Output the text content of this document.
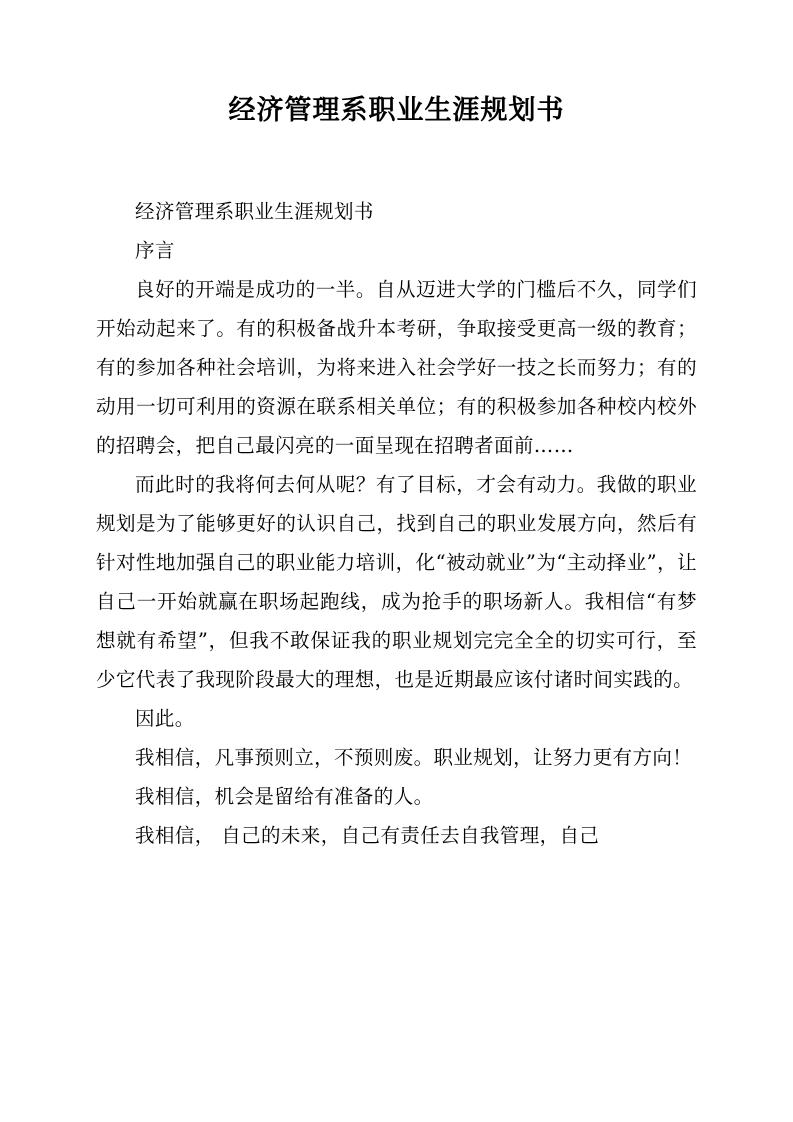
经济管理系职业生涯规划书

经济管理系职业生涯规划书

序言

良好的开端是成功的一半。自从迈进大学的门槛后不久，同学们开始动起来了。有的积极备战升本考研，争取接受更高一级的教育；有的参加各种社会培训，为将来进入社会学好一技之长而努力；有的动用一切可利用的资源在联系相关单位；有的积极参加各种校内校外的招聘会，把自己最闪亮的一面呈现在招聘者面前……

而此时的我将何去何从呢？有了目标，才会有动力。我做的职业规划是为了能够更好的认识自己，找到自己的职业发展方向，然后有针对性地加强自己的职业能力培训，化“被动就业”为“主动择业”，让自己一开始就赢在职场起跑线，成为抢手的职场新人。我相信“有梦想就有希望”，但我不敢保证我的职业规划完完全全的切实可行，至少它代表了我现阶段最大的理想，也是近期最应该付诸时间实践的。

因此。

我相信，凡事预则立，不预则废。职业规划，让努力更有方向！

我相信，机会是留给有准备的人。

我相信， 自己的未来，自己有责任去自我管理，自己
